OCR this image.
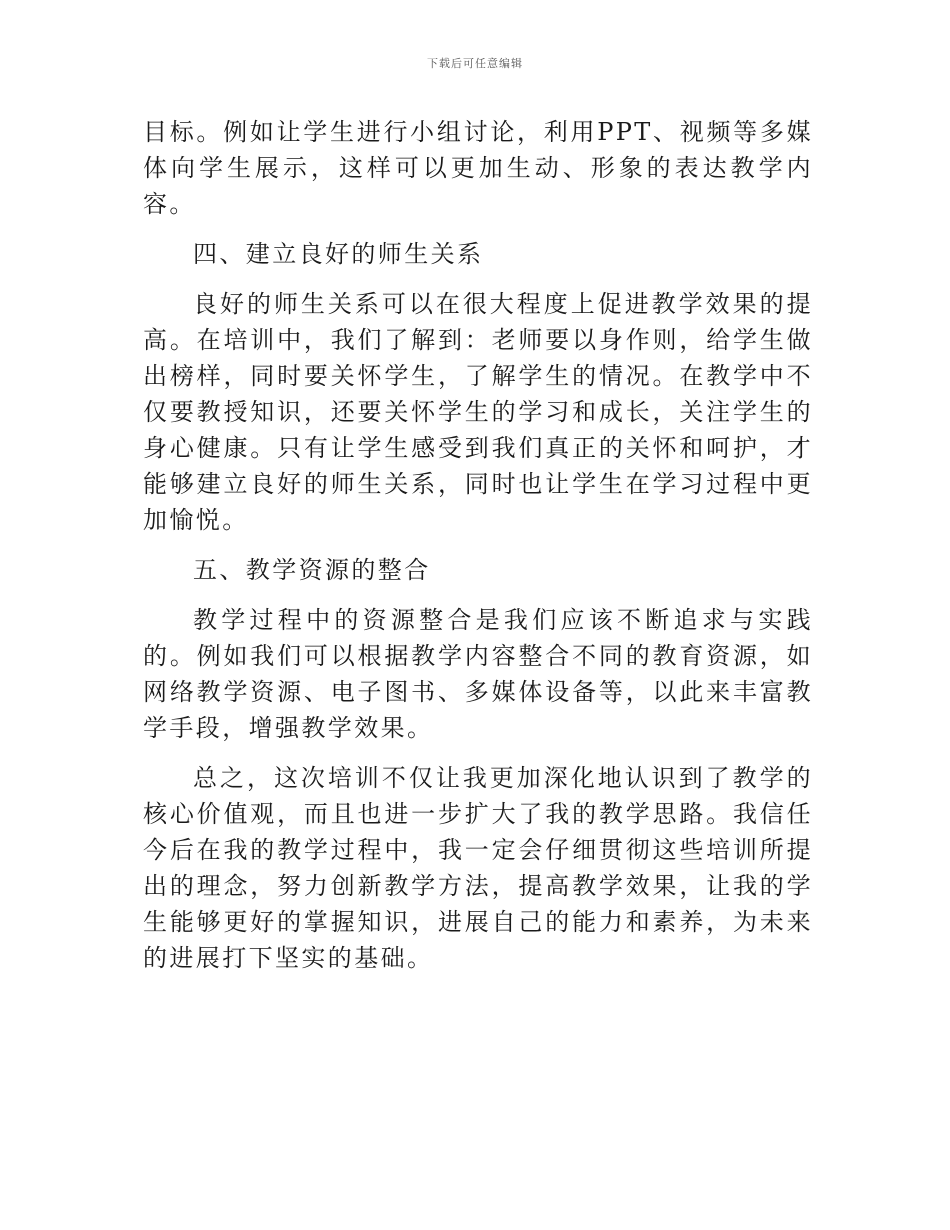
下载后可任意编辑

目标。例如让学生进行小组讨论，利用PPT、视频等多媒体向学生展示，这样可以更加生动、形象的表达教学内容。

四、建立良好的师生关系

良好的师生关系可以在很大程度上促进教学效果的提高。在培训中，我们了解到：老师要以身作则，给学生做出榜样，同时要关怀学生，了解学生的情况。在教学中不仅要教授知识，还要关怀学生的学习和成长，关注学生的身心健康。只有让学生感受到我们真正的关怀和呵护，才能够建立良好的师生关系，同时也让学生在学习过程中更加愉悦。

五、教学资源的整合

教学过程中的资源整合是我们应该不断追求与实践的。例如我们可以根据教学内容整合不同的教育资源，如网络教学资源、电子图书、多媒体设备等，以此来丰富教学手段，增强教学效果。

总之，这次培训不仅让我更加深化地认识到了教学的核心价值观，而且也进一步扩大了我的教学思路。我信任今后在我的教学过程中，我一定会仔细贯彻这些培训所提出的理念，努力创新教学方法，提高教学效果，让我的学生能够更好的掌握知识，进展自己的能力和素养，为未来的进展打下坚实的基础。
